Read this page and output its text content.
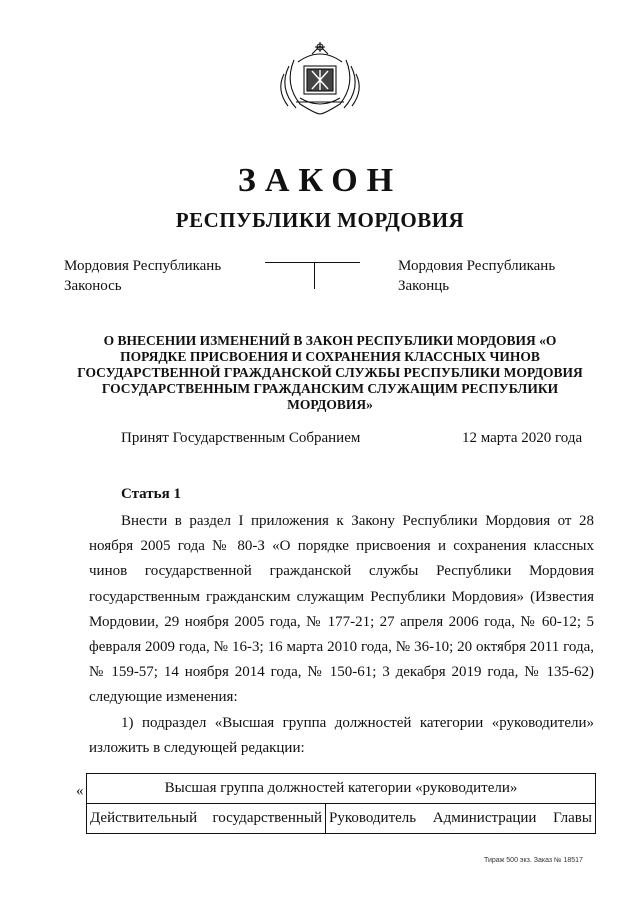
ЗАКОН
РЕСПУБЛИКИ МОРДОВИЯ
Мордовия Республикань
Законось
Мордовия Республикань
Законць
О ВНЕСЕНИИ ИЗМЕНЕНИЙ В ЗАКОН РЕСПУБЛИКИ МОРДОВИЯ «О ПОРЯДКЕ ПРИСВОЕНИЯ И СОХРАНЕНИЯ КЛАССНЫХ ЧИНОВ ГОСУДАРСТВЕННОЙ ГРАЖДАНСКОЙ СЛУЖБЫ РЕСПУБЛИКИ МОРДОВИЯ ГОСУДАРСТВЕННЫМ ГРАЖДАНСКИМ СЛУЖАЩИМ РЕСПУБЛИКИ МОРДОВИЯ»
Принят Государственным Собранием	12 марта 2020 года
Статья 1

Внести в раздел I приложения к Закону Республики Мордовия от 28 ноября 2005 года № 80-З «О порядке присвоения и сохранения классных чинов государственной гражданской службы Республики Мордовия государственным гражданским служащим Республики Мордовия» (Известия Мордовии, 29 ноября 2005 года, № 177-21; 27 апреля 2006 года, № 60-12; 5 февраля 2009 года, № 16-3; 16 марта 2010 года, № 36-10; 20 октября 2011 года, № 159-57; 14 ноября 2014 года, № 150-61; 3 декабря 2019 года, № 135-62) следующие изменения:

1) подраздел «Высшая группа должностей категории «руководители» изложить в следующей редакции:

«	Высшая группа должностей категории «руководители»

Действительный государственный	Руководитель Администрации Главы
Тираж 500 экз. Заказ № 18517
